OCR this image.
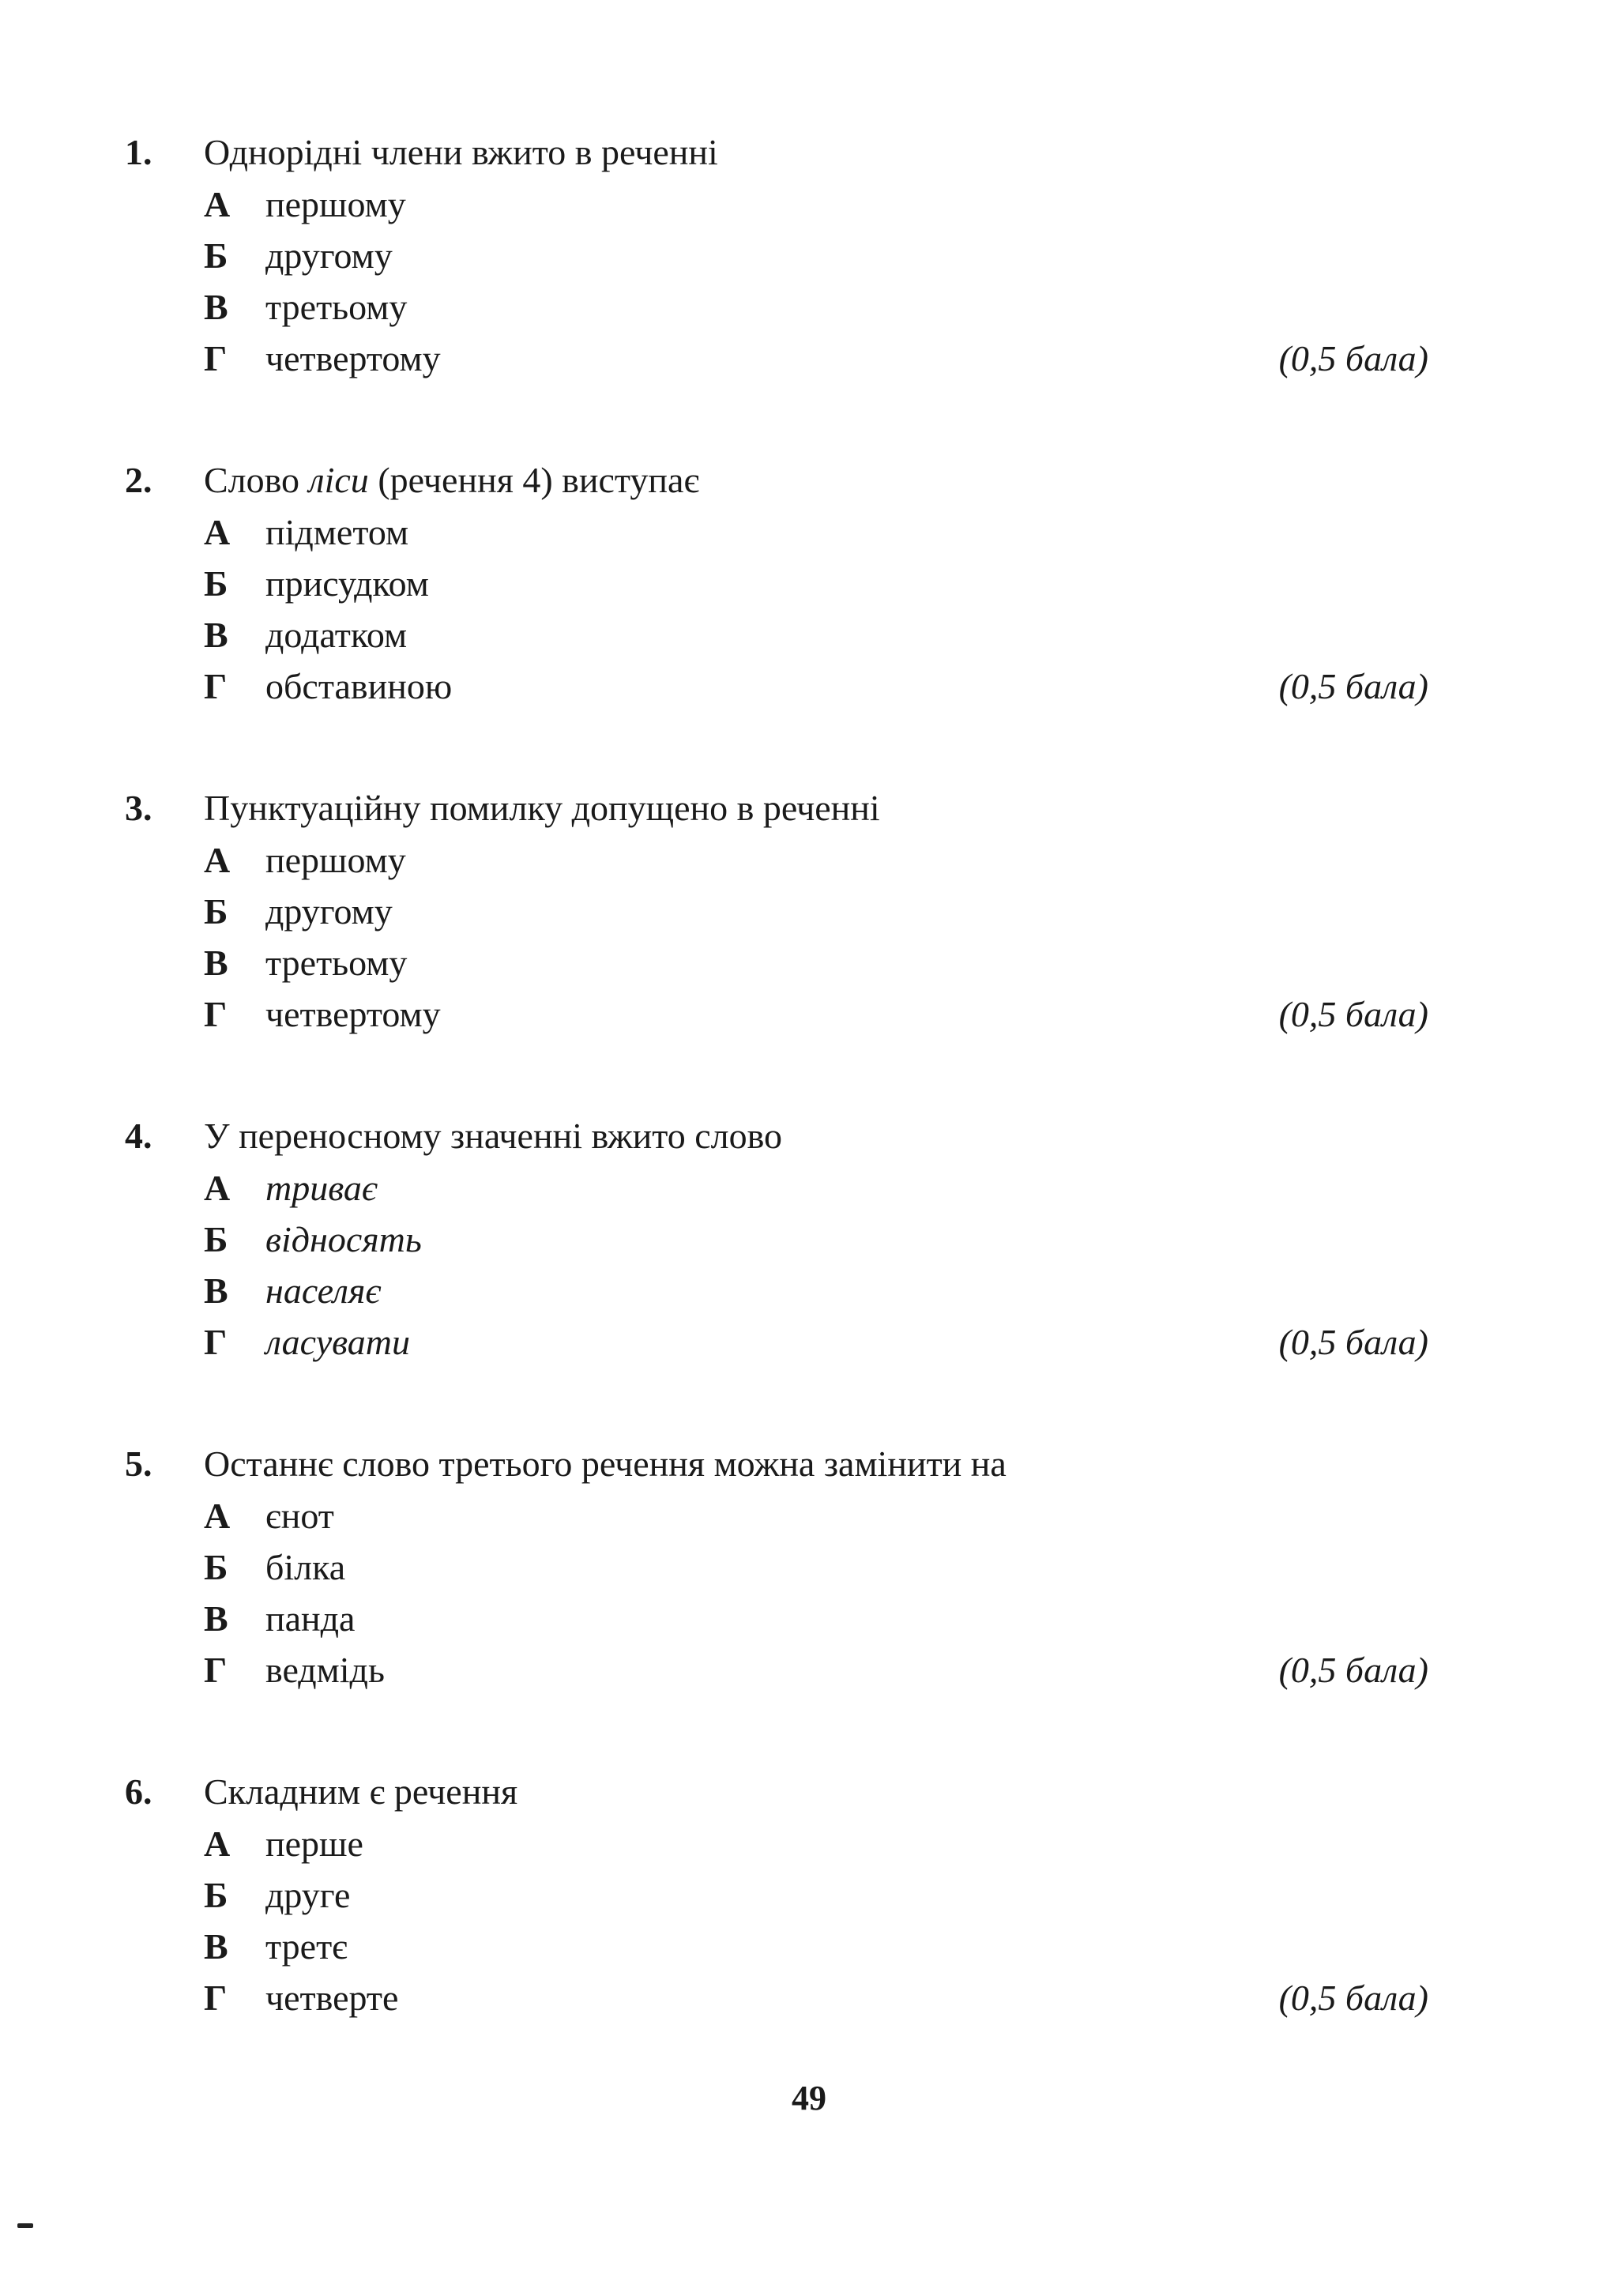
1. Однорідні члени вжито в реченні
А першому
Б другому
В третьому
Г четвертому	(0,5 бала)
2. Слово ліси (речення 4) виступає
А підметом
Б присудком
В додатком
Г обставиною	(0,5 бала)
3. Пунктуаційну помилку допущено в реченні
А першому
Б другому
В третьому
Г четвертому	(0,5 бала)
4. У переносному значенні вжито слово
А триває
Б відносять
В населяє
Г ласувати	(0,5 бала)
5. Останнє слово третього речення можна замінити на
А єнот
Б білка
В панда
Г ведмідь	(0,5 бала)
6. Складним є речення
А перше
Б друге
В третє
Г четверте	(0,5 бала)
49
